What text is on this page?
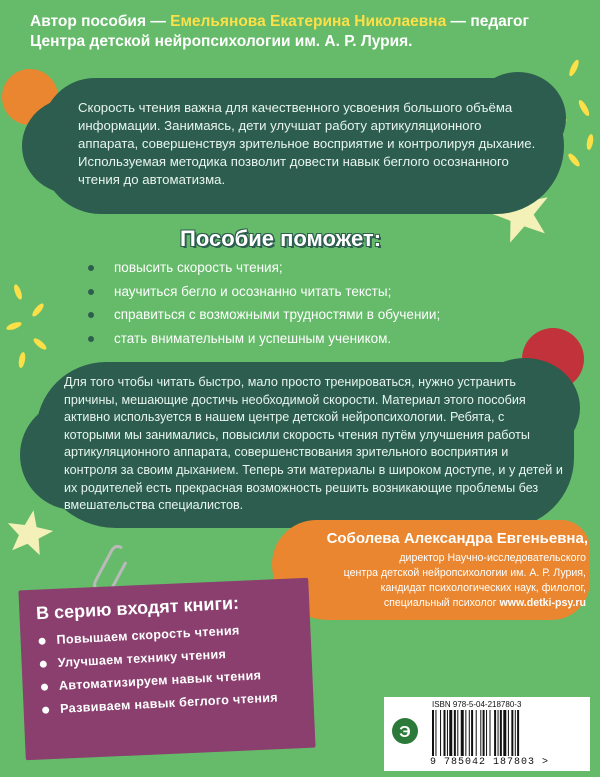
Автор пособия — Емельянова Екатерина Николаевна — педагог
Центра детской нейропсихологии им. А. Р. Лурия.
Скорость чтения важна для качественного усвоения большого объёма информации. Занимаясь, дети улучшат работу артикуляционного аппарата, совершенствуя зрительное восприятие и контролируя дыхание. Используемая методика позволит довести навык беглого осознанного чтения до автоматизма.
Пособие поможет:
повысить скорость чтения;
научиться бегло и осознанно читать тексты;
справиться с возможными трудностями в обучении;
стать внимательным и успешным учеником.
Для того чтобы читать быстро, мало просто тренироваться, нужно устранить причины, мешающие достичь необходимой скорости. Материал этого пособия активно используется в нашем центре детской нейропсихологии. Ребята, с которыми мы занимались, повысили скорость чтения путём улучшения работы артикуляционного аппарата, совершенствования зрительного восприятия и контроля за своим дыханием. Теперь эти материалы в широком доступе, и у детей и их родителей есть прекрасная возможность решить возникающие проблемы без вмешательства специалистов.
Соболева Александра Евгеньевна,
директор Научно-исследовательского
центра детской нейропсихологии им. А. Р. Лурия,
кандидат психологических наук, филолог,
специальный психолог www.detki-psy.ru
В серию входят книги:
Повышаем скорость чтения
Улучшаем технику чтения
Автоматизируем навык чтения
Развиваем навык беглого чтения
Э
ISBN 978-5-04-218780-3
9 785042 187803 >
